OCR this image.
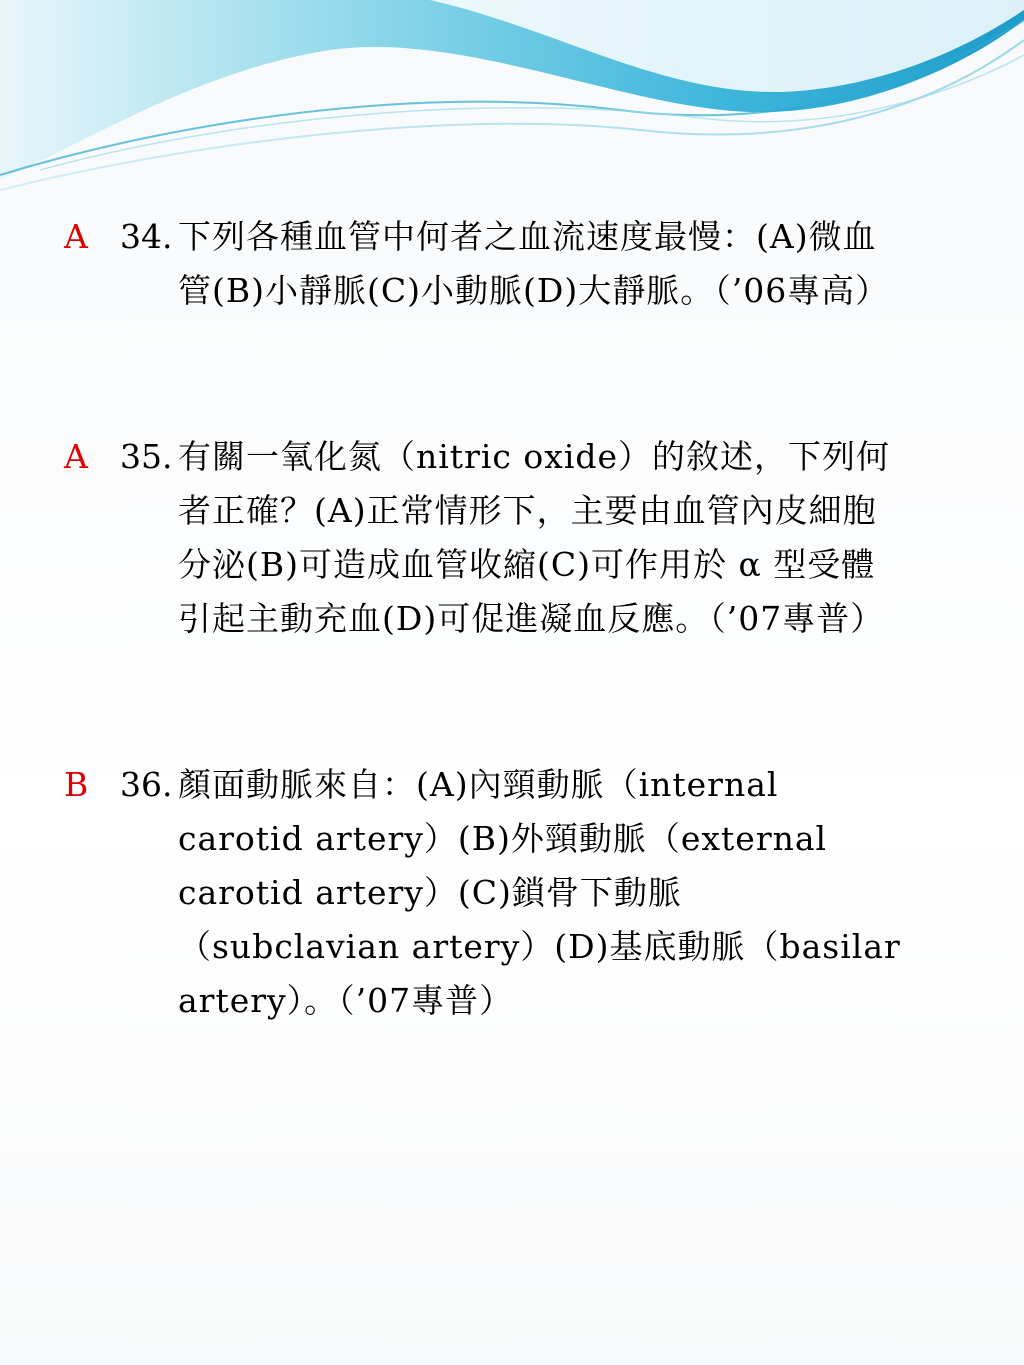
A 34. 下列各種血管中何者之血流速度最慢：(A)微血管(B)小靜脈(C)小動脈(D)大靜脈。（’06專高）
A 35. 有關一氧化氮（nitric oxide）的敘述，下列何者正確？(A)正常情形下，主要由血管內皮細胞分泌(B)可造成血管收縮(C)可作用於 α 型受體引起主動充血(D)可促進凝血反應。（’07專普）
B 36. 顏面動脈來自：(A)內頸動脈（internal carotid artery）(B)外頸動脈（external carotid artery）(C)鎖骨下動脈（subclavian artery）(D)基底動脈（basilar artery）。（’07專普）
